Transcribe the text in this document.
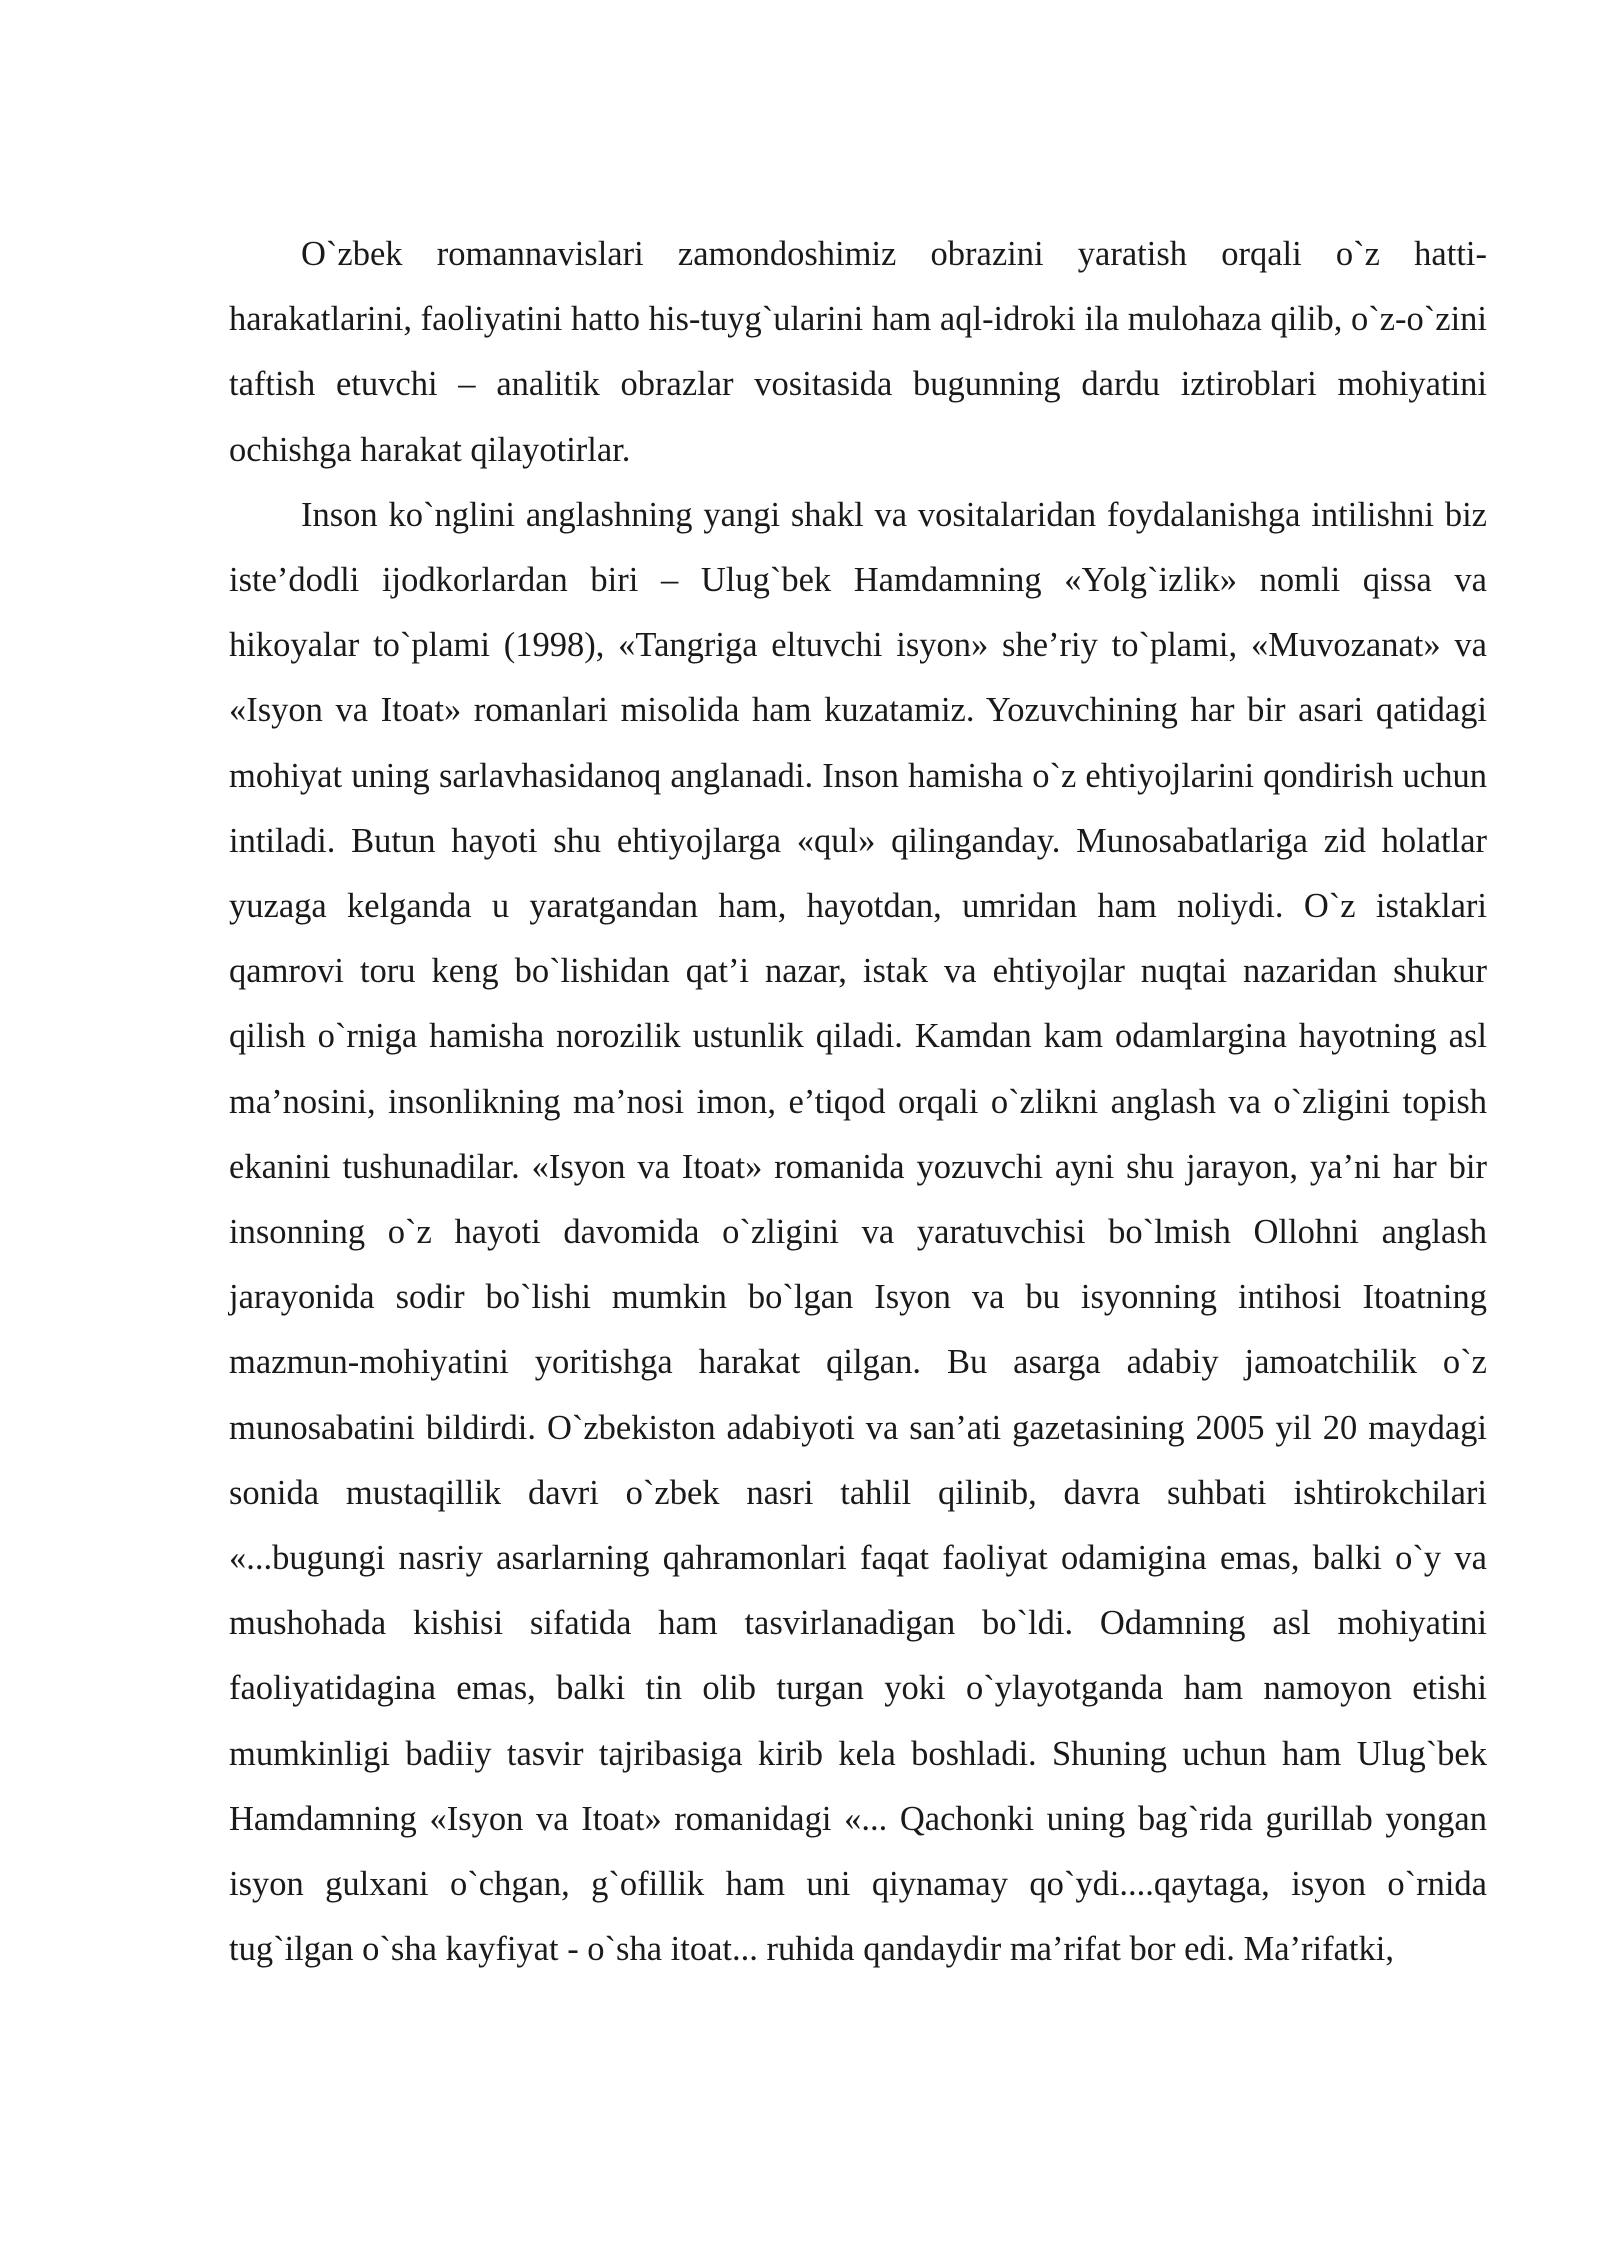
O`zbek romannavislari zamondoshimiz obrazini yaratish orqali o`z hatti-harakatlarini, faoliyatini hatto his-tuyg`ularini ham aql-idroki ila mulohaza qilib, o`z-o`zini taftish etuvchi – analitik obrazlar vositasida bugunning dardu iztiroblari mohiyatini ochishga harakat qilayotirlar.

Inson ko`nglini anglashning yangi shakl va vositalaridan foydalanishga intilishni biz iste’dodli ijodkorlardan biri – Ulug`bek Hamdamning «Yolg`izlik» nomli qissa va hikoyalar to`plami (1998), «Tangriga eltuvchi isyon» she’riy to`plami, «Muvozanat» va «Isyon va Itoat» romanlari misolida ham kuzatamiz. Yozuvchining har bir asari qatidagi mohiyat uning sarlavhasidanoq anglanadi. Inson hamisha o`z ehtiyojlarini qondirish uchun intiladi. Butun hayoti shu ehtiyojlarga «qul» qilinganday. Munosabatlariga zid holatlar yuzaga kelganda u yaratgandan ham, hayotdan, umridan ham noliydi. O`z istaklari qamrovi toru keng bo`lishidan qat’i nazar, istak va ehtiyojlar nuqtai nazaridan shukur qilish o`rniga hamisha norozilik ustunlik qiladi. Kamdan kam odamlargina hayotning asl ma’nosini, insonlikning ma’nosi imon, e’tiqod orqali o`zlikni anglash va o`zligini topish ekanini tushunadilar. «Isyon va Itoat» romanida yozuvchi ayni shu jarayon, ya’ni har bir insonning o`z hayoti davomida o`zligini va yaratuvchisi bo`lmish Ollohni anglash jarayonida sodir bo`lishi mumkin bo`lgan Isyon va bu isyonning intihosi Itoatning mazmun-mohiyatini yoritishga harakat qilgan. Bu asarga adabiy jamoatchilik o`z munosabatini bildirdi. O`zbekiston adabiyoti va san’ati gazetasining 2005 yil 20 maydagi sonida mustaqillik davri o`zbek nasri tahlil qilinib, davra suhbati ishtirokchilari «...bugungi nasriy asarlarning qahramonlari faqat faoliyat odamigina emas, balki o`y va mushohada kishisi sifatida ham tasvirlanadigan bo`ldi. Odamning asl mohiyatini faoliyatidagina emas, balki tin olib turgan yoki o`ylayotganda ham namoyon etishi mumkinligi badiiy tasvir tajribasiga kirib kela boshladi. Shuning uchun ham Ulug`bek Hamdamning «Isyon va Itoat» romanidagi «... Qachonki uning bag`rida gurillab yongan isyon gulxani o`chgan, g`ofillik ham uni qiynamay qo`ydi....qaytaga, isyon o`rnida tug`ilgan o`sha kayfiyat - o`sha itoat... ruhida qandaydir ma’rifat bor edi. Ma’rifatki,
